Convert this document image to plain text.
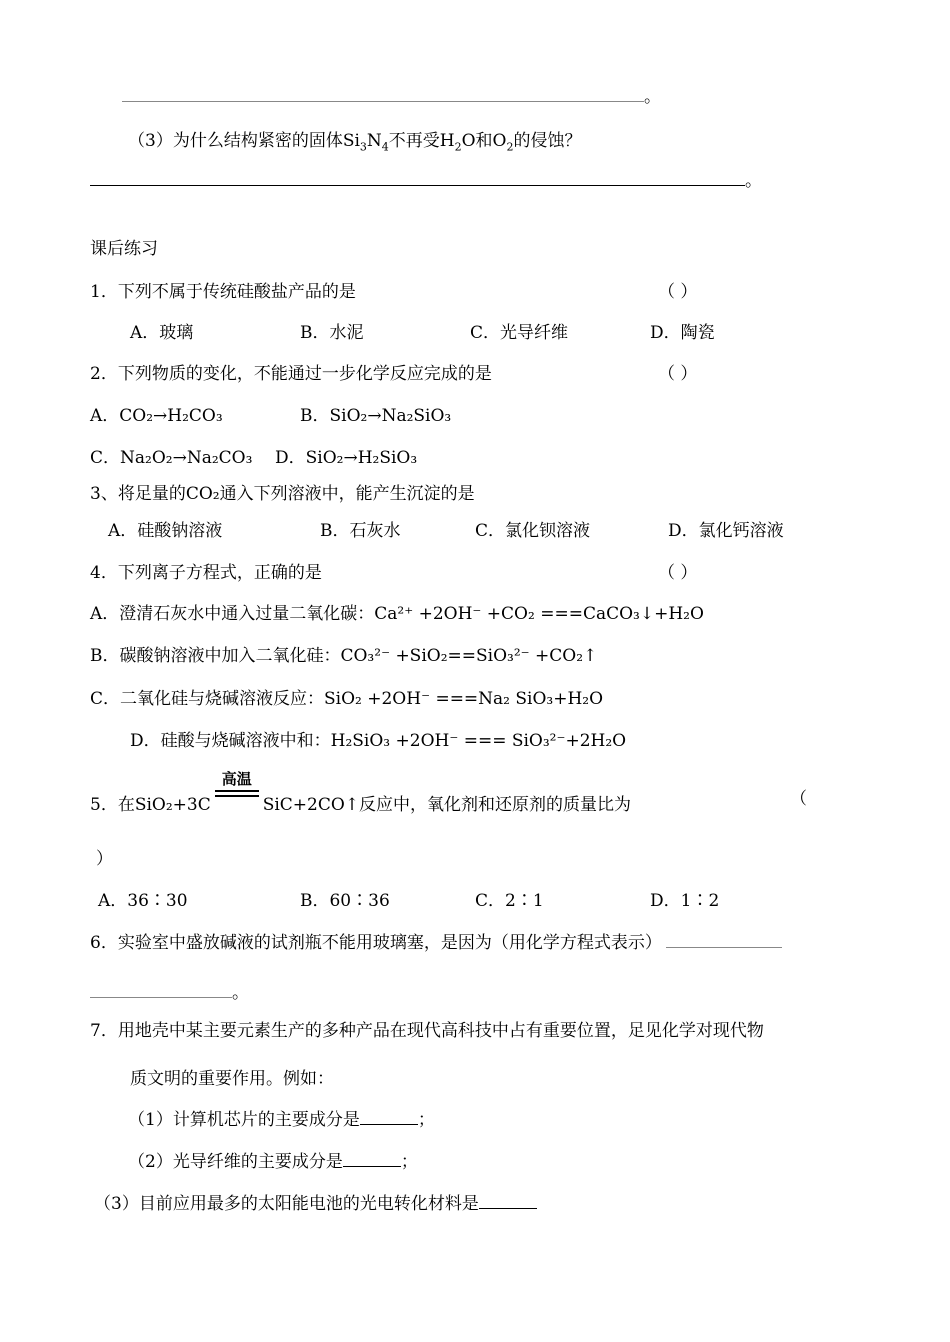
。
（3）为什么结构紧密的固体$Si_3N_4$不再受$H_2O$和$O_2$的侵蚀？
。
课后练习
1．下列不属于传统硅酸盐产品的是	（ ）
A．玻璃	B．水泥	C．光导纤维	D．陶瓷
2．下列物质的变化，不能通过一步化学反应完成的是	（ ）
A．CO₂→H₂CO₃	B．SiO₂→Na₂SiO₃
C．Na₂O₂→Na₂CO₃ D．SiO₂→H₂SiO₃
3、将足量的CO₂通入下列溶液中，能产生沉淀的是
A．硅酸钠溶液	B．石灰水	C．氯化钡溶液	D．氯化钙溶液
4．下列离子方程式，正确的是	（ ）
A．澄清石灰水中通入过量二氧化碳：Ca²⁺ +2OH⁻ +CO₂ ===CaCO₃↓+H₂O
B．碳酸钠溶液中加入二氧化硅：CO₃²⁻ +SiO₂==SiO₃²⁻ +CO₂↑
C．二氧化硅与烧碱溶液反应：SiO₂ +2OH⁻ ===Na₂ SiO₃+H₂O
D．硅酸与烧碱溶液中和：H₂SiO₃ +2OH⁻ === SiO₃²⁻+2H₂O
5．在SiO₂+3C
高温
SiC+2CO↑反应中，氧化剂和还原剂的质量比为	（
）
A．36∶30	B．60∶36	C．2∶1	D．1∶2
6．实验室中盛放碱液的试剂瓶不能用玻璃塞，是因为（用化学方程式表示）
。
7．用地壳中某主要元素生产的多种产品在现代高科技中占有重要位置，足见化学对现代物
质文明的重要作用。例如：
（1）计算机芯片的主要成分是	；
（2）光导纤维的主要成分是	；
（3）目前应用最多的太阳能电池的光电转化材料是
